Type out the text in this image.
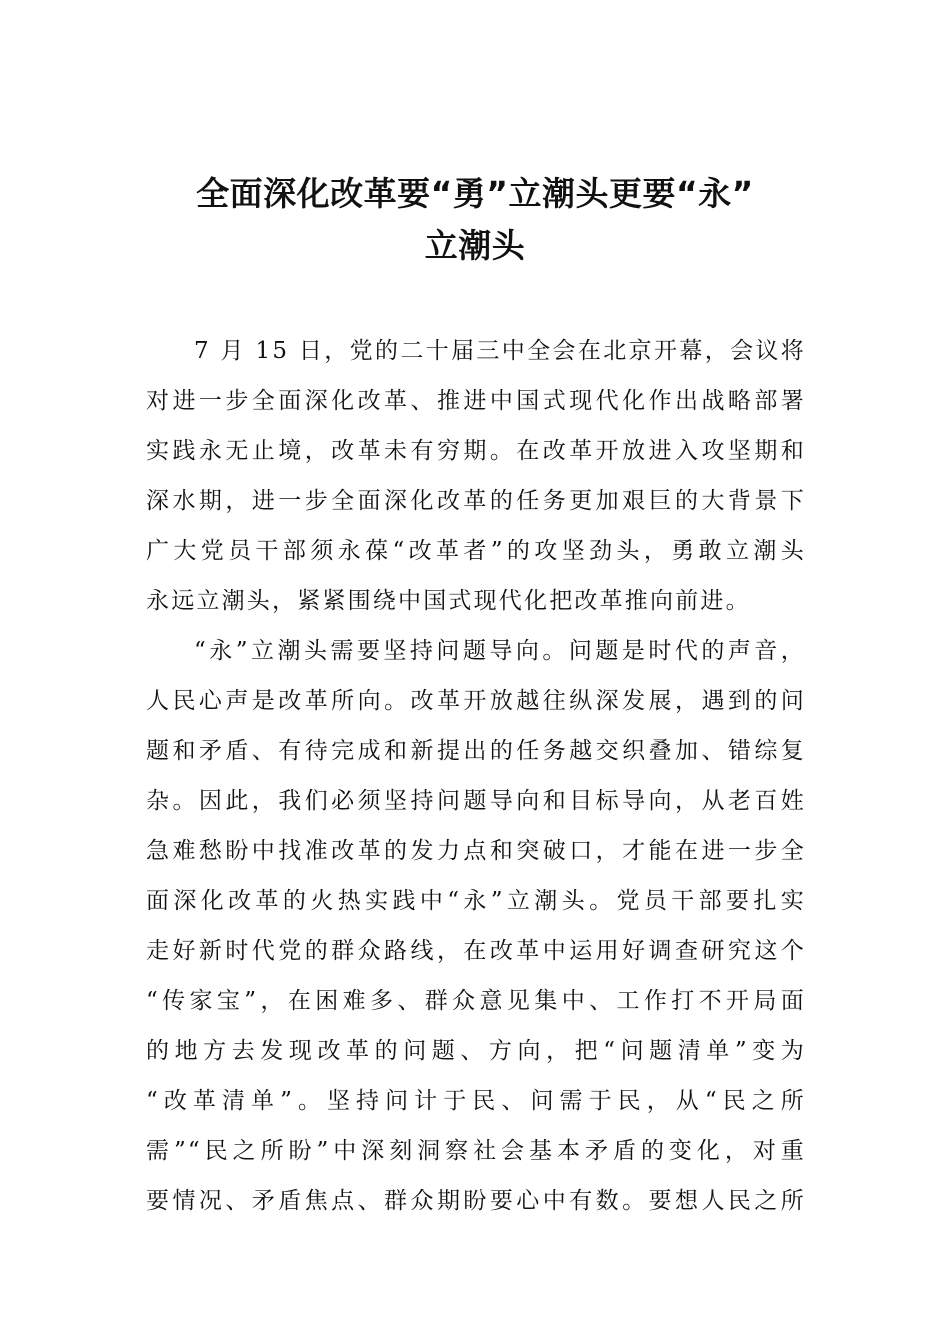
全面深化改革要“勇”立潮头更要“永”
立潮头
7 月 15 日，党的二十届三中全会在北京开幕，会议将
对进一步全面深化改革、推进中国式现代化作出战略部署
实践永无止境，改革未有穷期。在改革开放进入攻坚期和
深水期，进一步全面深化改革的任务更加艰巨的大背景下
广大党员干部须永葆“改革者”的攻坚劲头，勇敢立潮头
永远立潮头，紧紧围绕中国式现代化把改革推向前进。
“永”立潮头需要坚持问题导向。问题是时代的声音，
人民心声是改革所向。改革开放越往纵深发展，遇到的问
题和矛盾、有待完成和新提出的任务越交织叠加、错综复
杂。因此，我们必须坚持问题导向和目标导向，从老百姓
急难愁盼中找准改革的发力点和突破口，才能在进一步全
面深化改革的火热实践中“永”立潮头。党员干部要扎实
走好新时代党的群众路线，在改革中运用好调查研究这个
“传家宝”，在困难多、群众意见集中、工作打不开局面
的地方去发现改革的问题、方向，把“问题清单”变为
“改革清单”。坚持问计于民、问需于民，从“民之所
需”“民之所盼”中深刻洞察社会基本矛盾的变化，对重
要情况、矛盾焦点、群众期盼要心中有数。要想人民之所
